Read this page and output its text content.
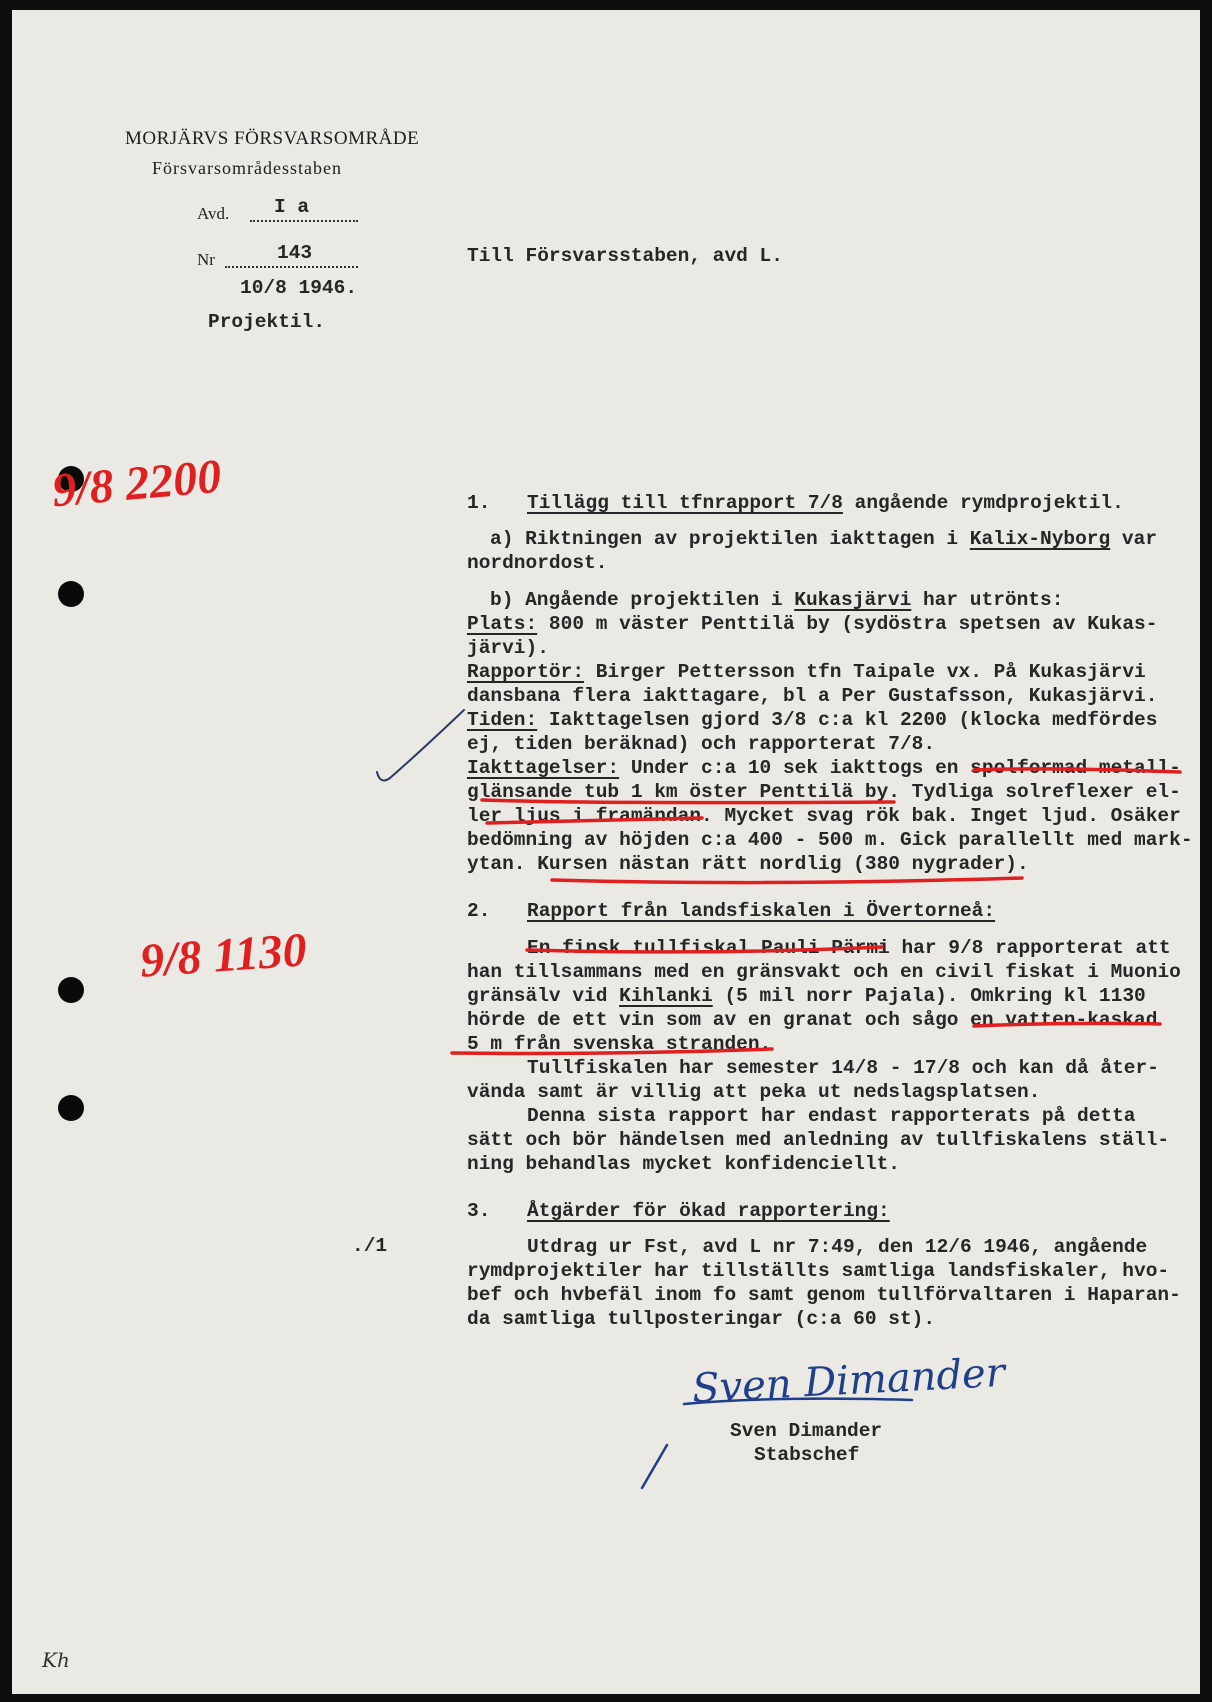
MORJÄRVS FÖRSVARSOMRÅDE

Försvarsområdesstaben

Avd. I a

Nr	143

10/8 1946.

Projektil.

Till Försvarsstaben, avd L.

9/8 2200

9/8 1130

./1

1. Tillägg till tfnrapport 7/8 angående rymdprojektil.

a) Riktningen av projektilen iakttagen i Kalix-Nyborg var

nordnordost.

b) Angående projektilen i Kukasjärvi har utrönts:

Plats: 800 m väster Penttilä by (sydöstra spetsen av Kukas-

järvi).

Rapportör: Birger Pettersson tfn Taipale vx. På Kukasjärvi

dansbana flera iakttagare, bl a Per Gustafsson, Kukasjärvi.

Tiden: Iakttagelsen gjord 3/8 c:a kl 2200 (klocka medfördes

ej, tiden beräknad) och rapporterat 7/8.

Iakttagelser: Under c:a 10 sek iakttogs en spolformad metall-

glänsande tub 1 km öster Penttilä by. Tydliga solreflexer el-

ler ljus i framändan. Mycket svag rök bak. Inget ljud. Osäker

bedömning av höjden c:a 400 - 500 m. Gick parallellt med mark-

ytan. Kursen nästan rätt nordlig (380 nygrader).

2. Rapport från landsfiskalen i Övertorneå:

En finsk tullfiskal Pauli Pärmi har 9/8 rapporterat att

han tillsammans med en gränsvakt och en civil fiskat i Muonio

gränsälv vid Kihlanki (5 mil norr Pajala). Omkring kl 1130

hörde de ett vin som av en granat och sågo en vatten-kaskad

5 m från svenska stranden.

Tullfiskalen har semester 14/8 - 17/8 och kan då åter-

vända samt är villig att peka ut nedslagsplatsen.

Denna sista rapport har endast rapporterats på detta

sätt och bör händelsen med anledning av tullfiskalens ställ-

ning behandlas mycket konfidenciellt.

3. Åtgärder för ökad rapportering:

Utdrag ur Fst, avd L nr 7:49, den 12/6 1946, angående

rymdprojektiler har tillställts samtliga landsfiskaler, hvo-

bef och hvbefäl inom fo samt genom tullförvaltaren i Haparan-

da samtliga tullposteringar (c:a 60 st).

Sven Dimander

Sven Dimander

Stabschef

Kh
